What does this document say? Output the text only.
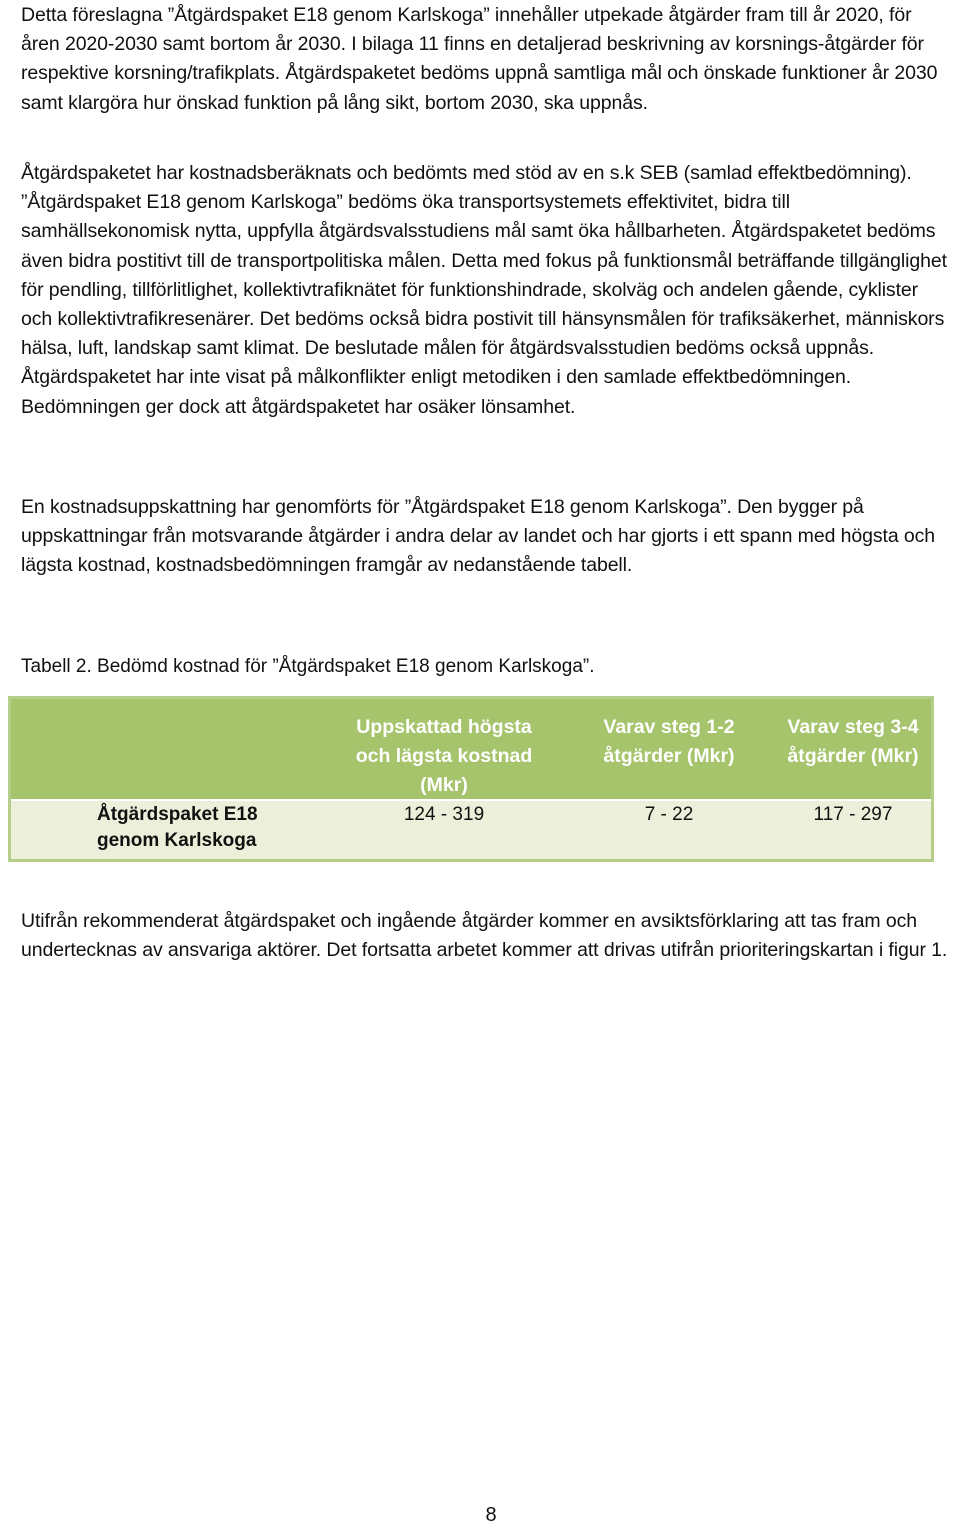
Detta föreslagna ”Åtgärdspaket E18 genom Karlskoga” innehåller utpekade åtgärder fram till år 2020, för åren 2020-2030 samt bortom år 2030. I bilaga 11 finns en detaljerad beskrivning av korsnings-åtgärder för respektive korsning/trafikplats. Åtgärdspaketet bedöms uppnå samtliga mål och önskade funktioner år 2030 samt klargöra hur önskad funktion på lång sikt, bortom 2030, ska uppnås.

Åtgärdspaketet har kostnadsberäknats och bedömts med stöd av en s.k SEB (samlad effektbedömning). ”Åtgärdspaket E18 genom Karlskoga” bedöms öka transportsystemets effektivitet, bidra till samhällsekonomisk nytta, uppfylla åtgärdsvalsstudiens mål samt öka hållbarheten. Åtgärdspaketet bedöms även bidra postitivt till de transportpolitiska målen. Detta med fokus på funktionsmål beträffande tillgänglighet för pendling, tillförlitlighet, kollektivtrafiknätet för funktionshindrade, skolväg och andelen gående, cyklister och kollektivtrafikresenärer. Det bedöms också bidra postivit till hänsynsmålen för trafiksäkerhet, människors hälsa, luft, landskap samt klimat. De beslutade målen för åtgärdsvalsstudien bedöms också uppnås. Åtgärdspaketet har inte visat på målkonflikter enligt metodiken i den samlade effektbedömningen. Bedömningen ger dock att åtgärdspaketet har osäker lönsamhet.

En kostnadsuppskattning har genomförts för ”Åtgärdspaket E18 genom Karlskoga”. Den bygger på uppskattningar från motsvarande åtgärder i andra delar av landet och har gjorts i ett spann med högsta och lägsta kostnad, kostnadsbedömningen framgår av nedanstående tabell.

Tabell 2. Bedömd kostnad för ”Åtgärdspaket E18 genom Karlskoga”.

Uppskattad högsta och lägsta kostnad (Mkr)
Varav steg 1-2 åtgärder (Mkr)
Varav steg 3-4 åtgärder (Mkr)
Åtgärdspaket E18 genom Karlskoga
124 - 319	7 - 22	117 - 297

Utifrån rekommenderat åtgärdspaket och ingående åtgärder kommer en avsiktsförklaring att tas fram och undertecknas av ansvariga aktörer. Det fortsatta arbetet kommer att drivas utifrån prioriteringskartan i figur 1.

8
